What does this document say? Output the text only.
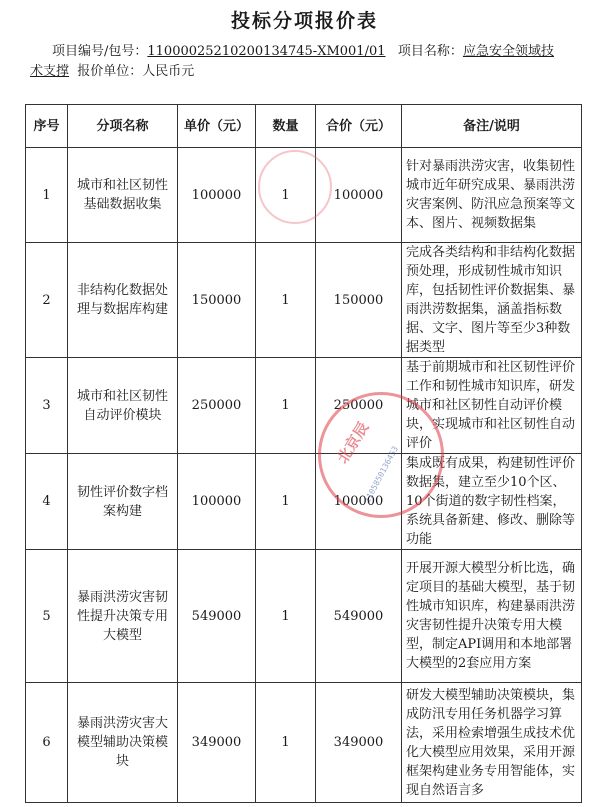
投标分项报价表
项目编号/包号：11000025210200134745-XM001/01 项目名称：应急安全领域技
术支撑 报价单位：人民币元
序号	分项名称	单价（元）	数量	合价（元）	备注/说明
1	城市和社区韧性基础数据收集	100000	1	100000	针对暴雨洪涝灾害，收集韧性城市近年研究成果、暴雨洪涝灾害案例、防汛应急预案等文本、图片、视频数据集
2	非结构化数据处理与数据库构建	150000	1	150000	完成各类结构和非结构化数据预处理，形成韧性城市知识库，包括韧性评价数据集、暴雨洪涝数据集，涵盖指标数据、文字、图片等至少3种数据类型
3	城市和社区韧性自动评价模块	250000	1	250000	基于前期城市和社区韧性评价工作和韧性城市知识库，研发城市和社区韧性自动评价模块，实现城市和社区韧性自动评价
4	韧性评价数字档案构建	100000	1	100000	集成既有成果，构建韧性评价数据集，建立至少10个区、10个街道的数字韧性档案，系统具备新建、修改、删除等功能
5	暴雨洪涝灾害韧性提升决策专用大模型	549000	1	549000	开展开源大模型分析比选，确定项目的基础大模型，基于韧性城市知识库，构建暴雨洪涝灾害韧性提升决策专用大模型，制定API调用和本地部署大模型的2套应用方案
6	暴雨洪涝灾害大模型辅助决策模块	349000	1	349000	研发大模型辅助决策模块，集成防汛专用任务机器学习算法，采用检索增强生成技术优化大模型应用效果，采用开源框架构建业务专用智能体，实现自然语言多
北京辰
1105850136453
